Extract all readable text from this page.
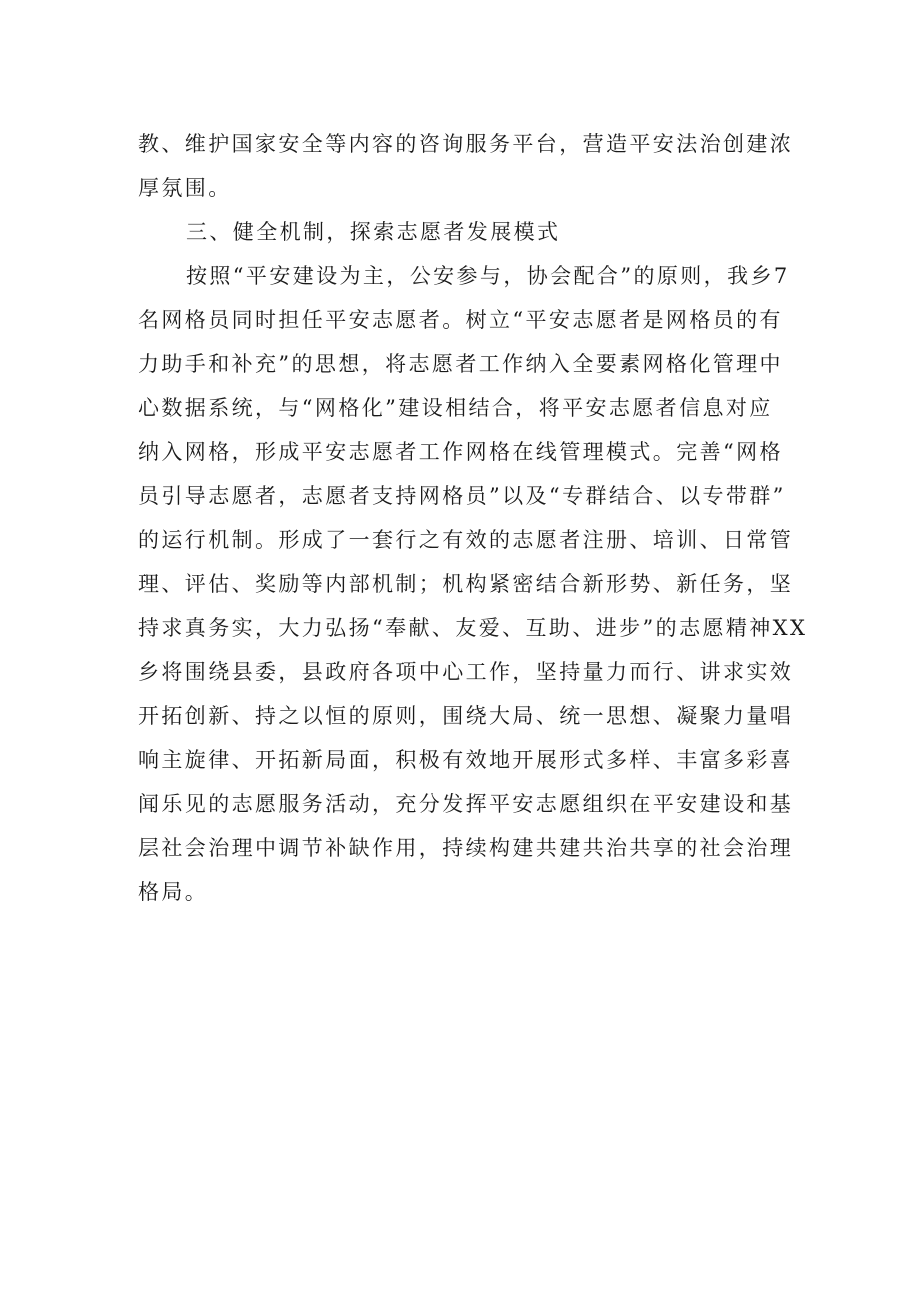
教、维护国家安全等内容的咨询服务平台，营造平安法治创建浓
厚氛围。
三、健全机制，探索志愿者发展模式
按照“平安建设为主，公安参与，协会配合”的原则，我乡7
名网格员同时担任平安志愿者。树立“平安志愿者是网格员的有
力助手和补充”的思想，将志愿者工作纳入全要素网格化管理中
心数据系统，与“网格化”建设相结合，将平安志愿者信息对应
纳入网格，形成平安志愿者工作网格在线管理模式。完善“网格
员引导志愿者，志愿者支持网格员”以及“专群结合、以专带群”
的运行机制。形成了一套行之有效的志愿者注册、培训、日常管
理、评估、奖励等内部机制；机构紧密结合新形势、新任务，坚
持求真务实，大力弘扬“奉献、友爱、互助、进步”的志愿精神XX
乡将围绕县委，县政府各项中心工作，坚持量力而行、讲求实效
开拓创新、持之以恒的原则，围绕大局、统一思想、凝聚力量唱
响主旋律、开拓新局面，积极有效地开展形式多样、丰富多彩喜
闻乐见的志愿服务活动，充分发挥平安志愿组织在平安建设和基
层社会治理中调节补缺作用，持续构建共建共治共享的社会治理
格局。
